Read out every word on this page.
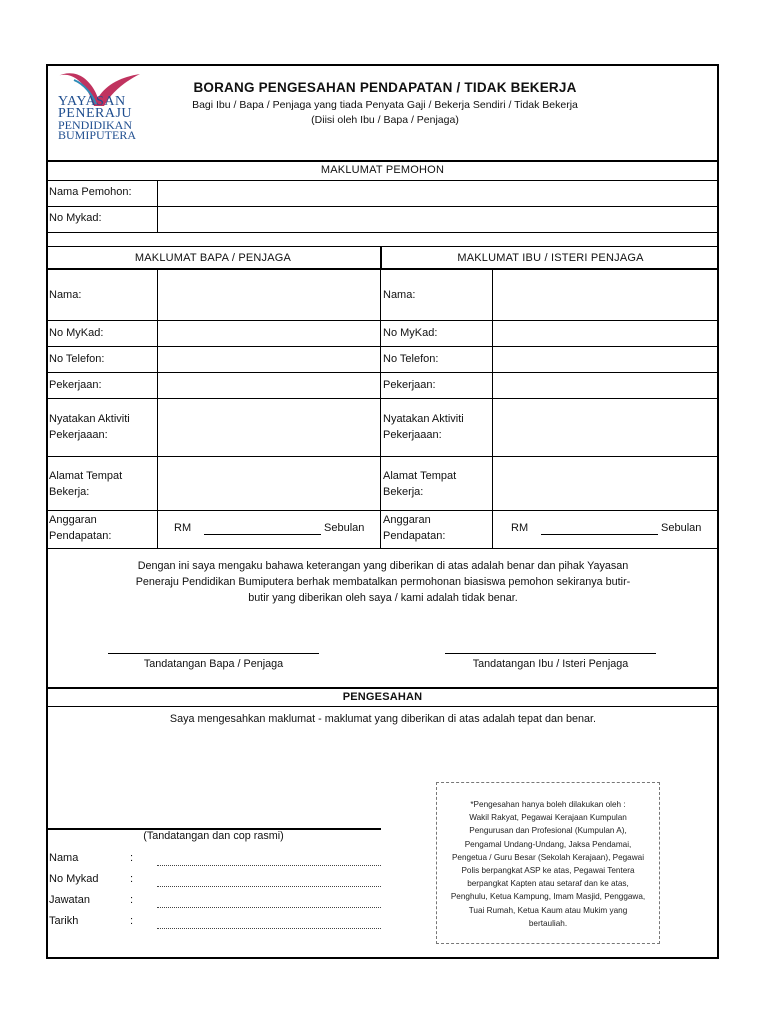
YAYASAN
PENERAJU
PENDIDIKAN
BUMIPUTERA
BORANG PENGESAHAN PENDAPATAN / TIDAK BEKERJA
Bagi Ibu / Bapa / Penjaga yang tiada Penyata Gaji / Bekerja Sendiri / Tidak Bekerja
(Diisi oleh Ibu / Bapa / Penjaga)
MAKLUMAT PEMOHON
Nama Pemohon:
No Mykad:
MAKLUMAT BAPA / PENJAGA	MAKLUMAT IBU / ISTERI PENJAGA
Nama:
No MyKad:
No Telefon:
Pekerjaan:
Nyatakan Aktiviti
Pekerjaaan:
Alamat Tempat
Bekerja:
Anggaran
Pendapatan:
RM	Sebulan
Nama:
No MyKad:
No Telefon:
Pekerjaan:
Nyatakan Aktiviti
Pekerjaaan:
Alamat Tempat
Bekerja:
Anggaran
Pendapatan:
RM	Sebulan
Dengan ini saya mengaku bahawa keterangan yang diberikan di atas adalah benar dan pihak Yayasan
Peneraju Pendidikan Bumiputera berhak membatalkan permohonan biasiswa pemohon sekiranya butir-
butir yang diberikan oleh saya / kami adalah tidak benar.
Tandatangan Bapa / Penjaga	Tandatangan Ibu / Isteri Penjaga
PENGESAHAN
Saya mengesahkan maklumat - maklumat yang diberikan di atas adalah tepat dan benar.
(Tandatangan dan cop rasmi)
Nama	:
No Mykad	:
Jawatan	:
Tarikh	:
*Pengesahan hanya boleh dilakukan oleh :
Wakil Rakyat, Pegawai Kerajaan Kumpulan
Pengurusan dan Profesional (Kumpulan A),
Pengamal Undang-Undang, Jaksa Pendamai,
Pengetua / Guru Besar (Sekolah Kerajaan), Pegawai
Polis berpangkat ASP ke atas, Pegawai Tentera
berpangkat Kapten atau setaraf dan ke atas,
Penghulu, Ketua Kampung, Imam Masjid, Penggawa,
Tuai Rumah, Ketua Kaum atau Mukim yang
bertauliah.
